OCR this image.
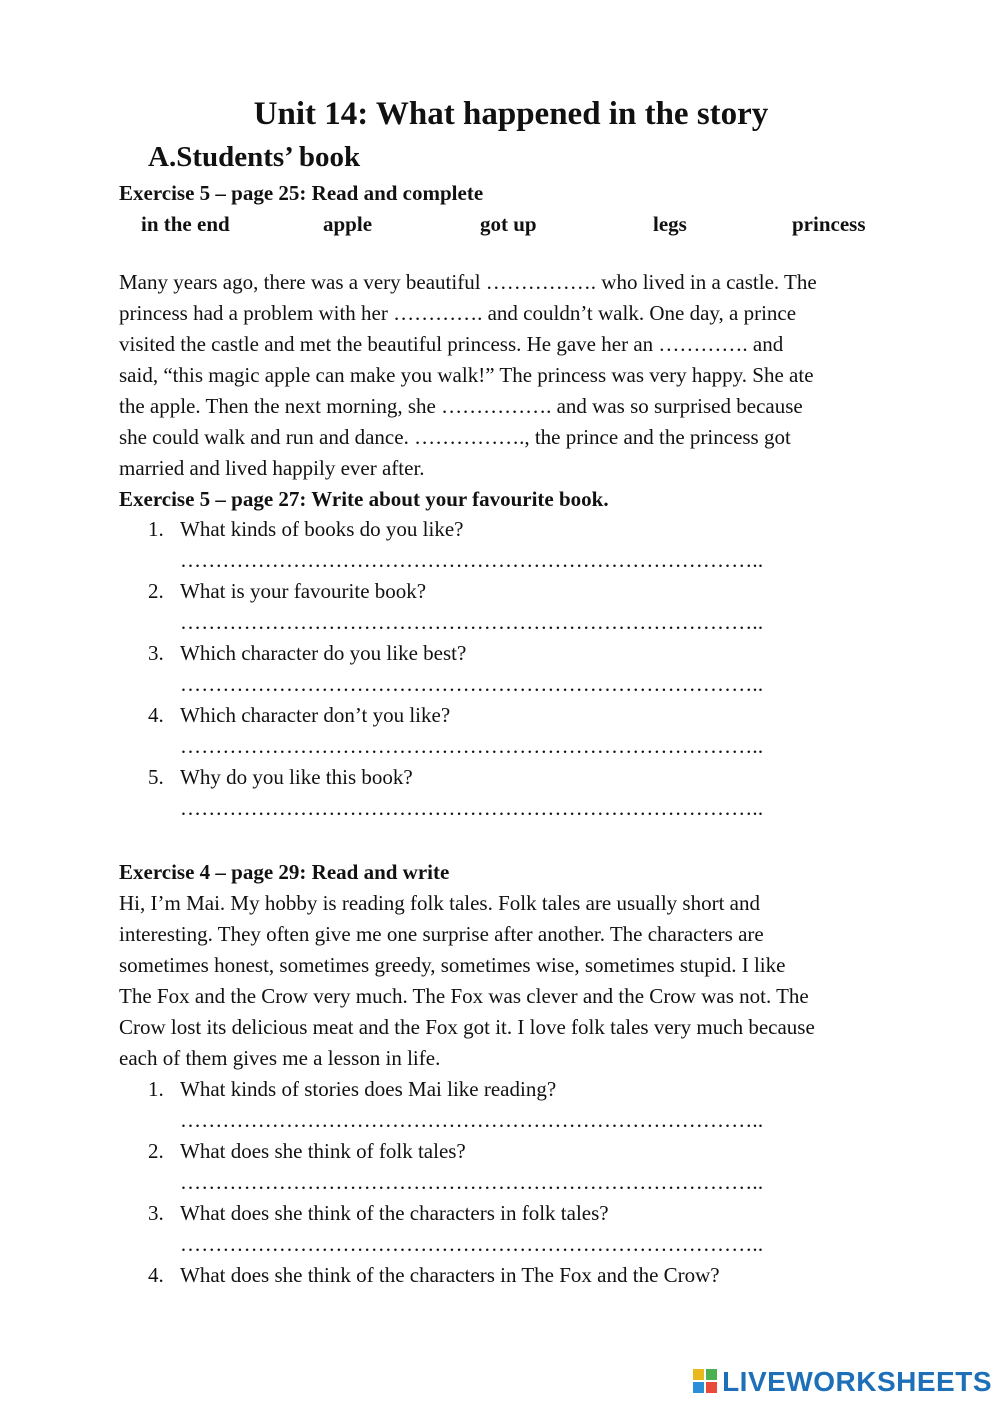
Unit 14: What happened in the story
A.Students’ book
Exercise 5 – page 25: Read and complete
in the end	apple	got up	legs	princess
Many years ago, there was a very beautiful ……………. who lived in a castle. The
princess had a problem with her …………. and couldn’t walk. One day, a prince
visited the castle and met the beautiful princess. He gave her an …………. and
said, “this magic apple can make you walk!” The princess was very happy. She ate
the apple. Then the next morning, she ……………. and was so surprised because
she could walk and run and dance. ……………., the prince and the princess got
married and lived happily ever after.
Exercise 5 – page 27: Write about your favourite book.
1. What kinds of books do you like?
………………………………………………………………………..
2. What is your favourite book?
………………………………………………………………………..
3. Which character do you like best?
………………………………………………………………………..
4. Which character don’t you like?
………………………………………………………………………..
5. Why do you like this book?
………………………………………………………………………..
Exercise 4 – page 29: Read and write
Hi, I’m Mai. My hobby is reading folk tales. Folk tales are usually short and
interesting. They often give me one surprise after another. The characters are
sometimes honest, sometimes greedy, sometimes wise, sometimes stupid. I like
The Fox and the Crow very much. The Fox was clever and the Crow was not. The
Crow lost its delicious meat and the Fox got it. I love folk tales very much because
each of them gives me a lesson in life.
1. What kinds of stories does Mai like reading?
………………………………………………………………………..
2. What does she think of folk tales?
………………………………………………………………………..
3. What does she think of the characters in folk tales?
………………………………………………………………………..
4. What does she think of the characters in The Fox and the Crow?
LIVEWORKSHEETS
